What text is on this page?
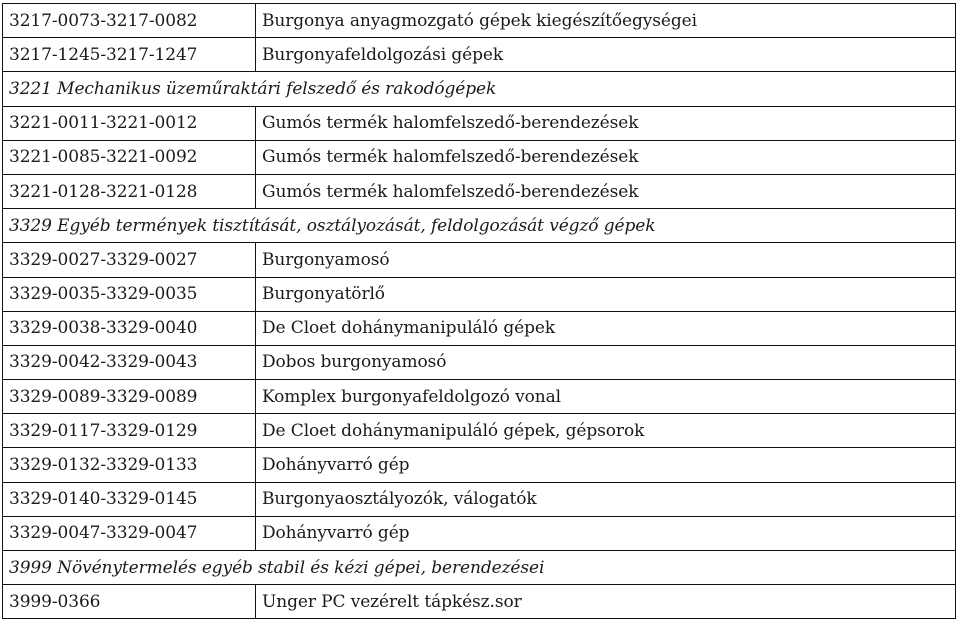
3217-0073-3217-0082	Burgonya anyagmozgató gépek kiegészítőegységei
3217-1245-3217-1247	Burgonyafeldolgozási gépek
3221 Mechanikus üzeműraktári felszedő és rakodógépek	
3221-0011-3221-0012	Gumós termék halomfelszedő-berendezések
3221-0085-3221-0092	Gumós termék halomfelszedő-berendezések
3221-0128-3221-0128	Gumós termék halomfelszedő-berendezések
3329 Egyéb termények tisztítását, osztályozását, feldolgozását végző gépek	
3329-0027-3329-0027	Burgonyamosó
3329-0035-3329-0035	Burgonyatörlő
3329-0038-3329-0040	De Cloet dohánymanipuláló gépek
3329-0042-3329-0043	Dobos burgonyamosó
3329-0089-3329-0089	Komplex burgonyafeldolgozó vonal
3329-0117-3329-0129	De Cloet dohánymanipuláló gépek, gépsorok
3329-0132-3329-0133	Dohányvarró gép
3329-0140-3329-0145	Burgonyaosztályozók, válogatók
3329-0047-3329-0047	Dohányvarró gép
3999 Növénytermelés egyéb stabil és kézi gépei, berendezései	
3999-0366	Unger PC vezérelt tápkész.sor
